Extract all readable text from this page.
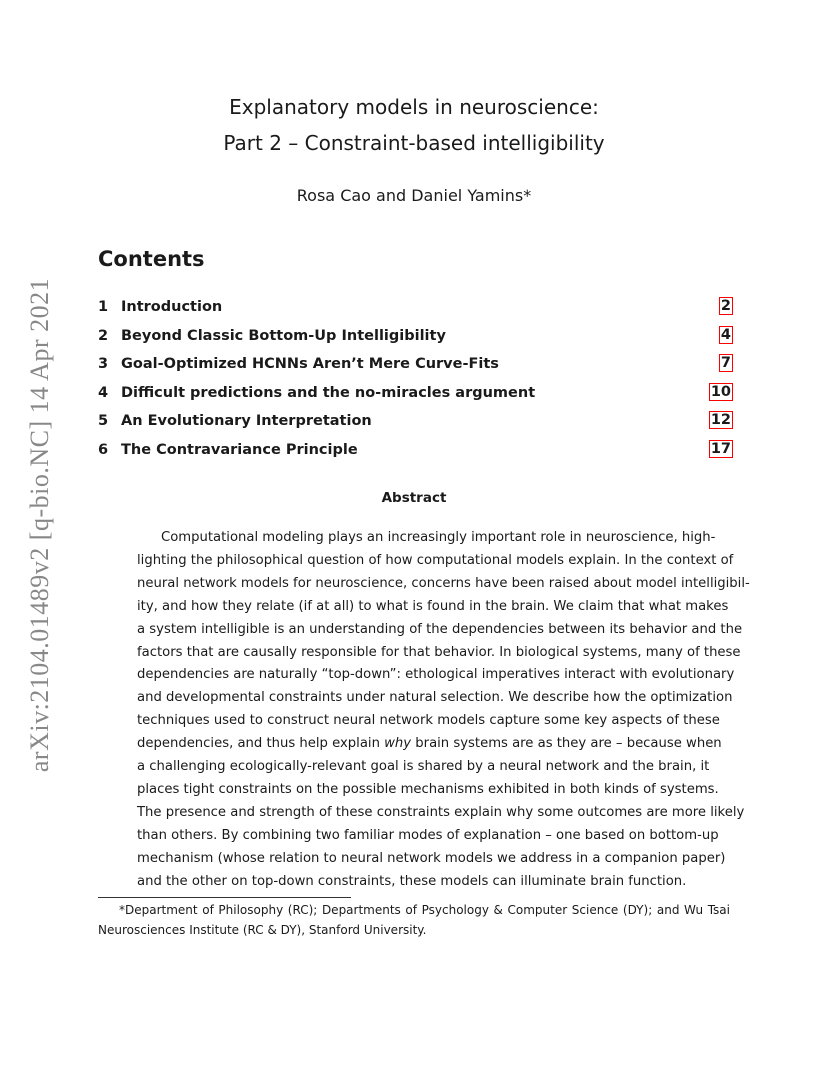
arXiv:2104.01489v2 [q-bio.NC] 14 Apr 2021
Explanatory models in neuroscience:
Part 2 – Constraint-based intelligibility
Rosa Cao and Daniel Yamins*
Contents
1 Introduction	2
2 Beyond Classic Bottom-Up Intelligibility	4
3 Goal-Optimized HCNNs Aren’t Mere Curve-Fits	7
4 Difficult predictions and the no-miracles argument	10
5 An Evolutionary Interpretation	12
6 The Contravariance Principle	17
Abstract
Computational modeling plays an increasingly important role in neuroscience, high-
lighting the philosophical question of how computational models explain. In the context of
neural network models for neuroscience, concerns have been raised about model intelligibil-
ity, and how they relate (if at all) to what is found in the brain. We claim that what makes
a system intelligible is an understanding of the dependencies between its behavior and the
factors that are causally responsible for that behavior. In biological systems, many of these
dependencies are naturally “top-down”: ethological imperatives interact with evolutionary
and developmental constraints under natural selection. We describe how the optimization
techniques used to construct neural network models capture some key aspects of these
dependencies, and thus help explain why brain systems are as they are – because when
a challenging ecologically-relevant goal is shared by a neural network and the brain, it
places tight constraints on the possible mechanisms exhibited in both kinds of systems.
The presence and strength of these constraints explain why some outcomes are more likely
than others. By combining two familiar modes of explanation – one based on bottom-up
mechanism (whose relation to neural network models we address in a companion paper)
and the other on top-down constraints, these models can illuminate brain function.
*Department of Philosophy (RC); Departments of Psychology & Computer Science (DY); and Wu Tsai
Neurosciences Institute (RC & DY), Stanford University.
